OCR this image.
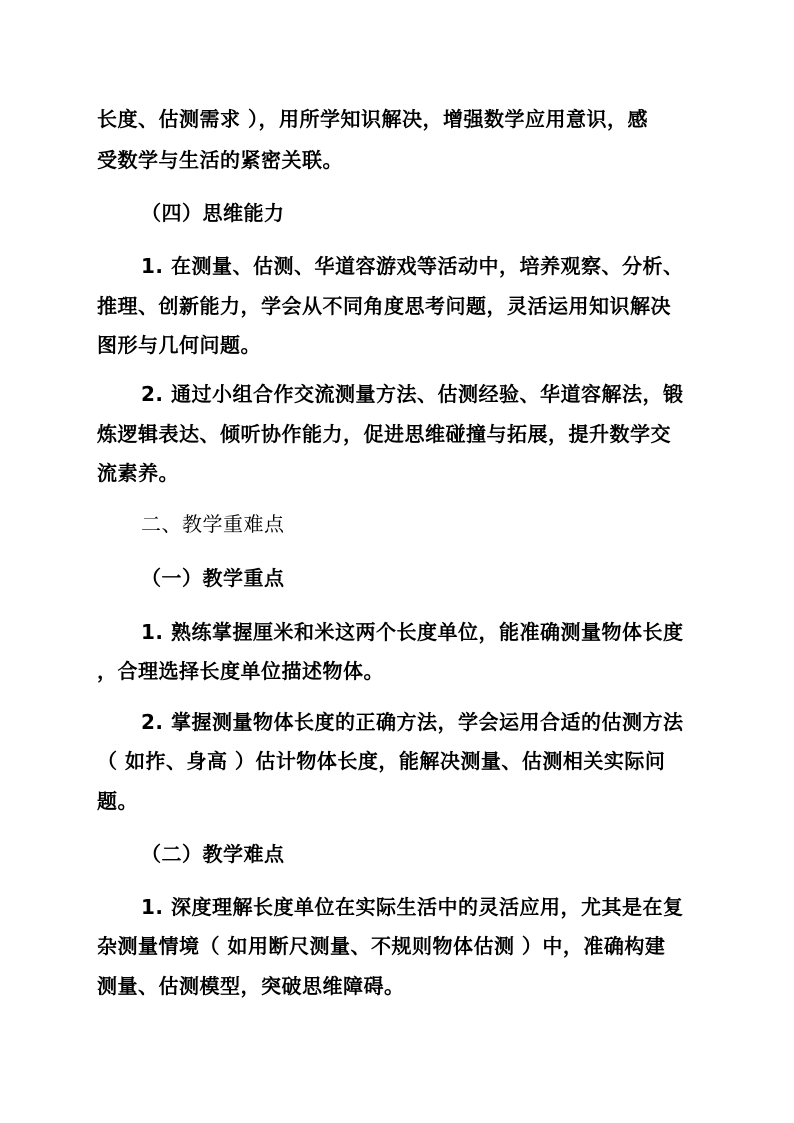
长度、估测需求 ），用所学知识解决，增强数学应用意识，感
受数学与生活的紧密关联。
（四）思维能力
1. 在测量、估测、华道容游戏等活动中，培养观察、分析、
推理、创新能力，学会从不同角度思考问题，灵活运用知识解决
图形与几何问题。
2. 通过小组合作交流测量方法、估测经验、华道容解法，锻
炼逻辑表达、倾听协作能力，促进思维碰撞与拓展，提升数学交
流素养。
二、教学重难点
（一）教学重点
1. 熟练掌握厘米和米这两个长度单位，能准确测量物体长度
，合理选择长度单位描述物体。
2. 掌握测量物体长度的正确方法，学会运用合适的估测方法
（ 如拃、身高 ）估计物体长度，能解决测量、估测相关实际问
题。
（二）教学难点
1. 深度理解长度单位在实际生活中的灵活应用，尤其是在复
杂测量情境（ 如用断尺测量、不规则物体估测 ）中，准确构建
测量、估测模型，突破思维障碍。
